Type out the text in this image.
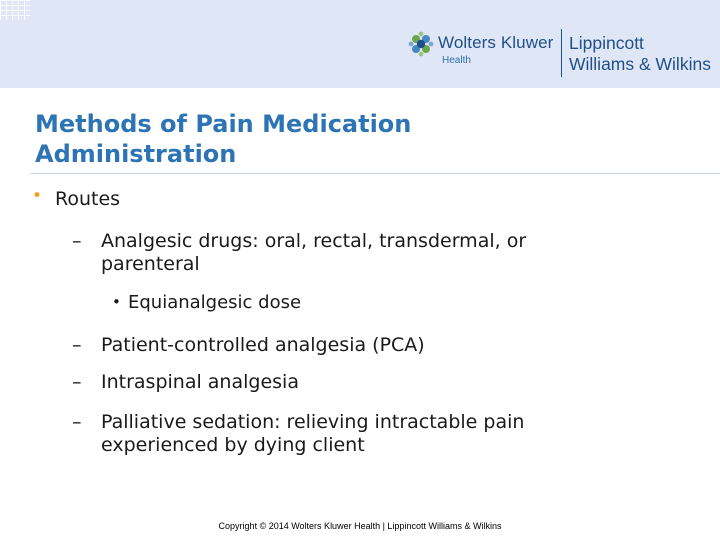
Wolters Kluwer
Health
Lippincott
Williams & Wilkins
Methods of Pain Medication
Administration
• Routes
– Analgesic drugs: oral, rectal, transdermal, or
parenteral
• Equianalgesic dose
– Patient-controlled analgesia (PCA)
– Intraspinal analgesia
– Palliative sedation: relieving intractable pain
experienced by dying client
Copyright © 2014 Wolters Kluwer Health | Lippincott Williams & Wilkins
